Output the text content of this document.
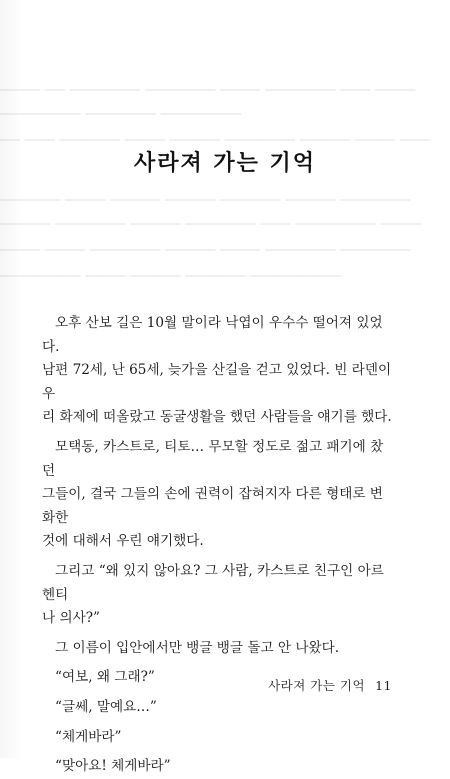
▁▁▁▁ ▁▁ ▁▁▁▁▁▁▁ ▁▁▁▁▁▁▁ ▁▁▁▁ ▁▁▁▁▁▁▁ ▁▁▁ ▁▁▁▁
▁▁▁▁▁▁▁▁ ▁▁▁▁▁▁▁ ▁▁▁▁▁▁▁▁
▁▁ ▁▁▁ ▁▁▁▁▁▁ ▁▁▁▁ ▁▁▁▁▁ ▁▁▁▁▁▁▁ ▁▁▁▁▁ ▁▁▁▁ ▁▁▁
▁▁▁▁▁▁ ▁▁▁▁ ▁▁▁▁▁ ▁▁▁▁▁ ▁▁▁▁▁▁ ▁▁▁▁▁ ▁▁▁▁▁▁▁
▁▁▁▁▁ ▁▁▁▁▁▁▁ ▁▁▁▁▁ ▁▁▁▁▁▁▁ ▁▁▁ ▁▁▁▁▁▁▁▁ ▁▁▁▁
▁▁▁▁ ▁▁▁▁ ▁▁▁▁▁▁▁ ▁▁▁▁▁ ▁▁▁▁ ▁▁▁▁▁▁▁ ▁▁▁▁▁▁▁
▁▁▁▁▁▁▁▁ ▁▁▁▁ ▁▁▁▁▁ ▁▁▁▁▁▁ ▁▁▁▁▁▁▁▁▁
사라져 가는 기억

오후 산보 길은 10월 말이라 낙엽이 우수수 떨어져 있었다.
남편 72세, 난 65세, 늦가을 산길을 걷고 있었다. 빈 라덴이 우
리 화제에 떠올랐고 동굴생활을 했던 사람들을 얘기를 했다.

모택동, 카스트로, 티토… 무모할 정도로 젊고 패기에 찼던
그들이, 결국 그들의 손에 권력이 잡혀지자 다른 형태로 변화한
것에 대해서 우린 얘기했다.

그리고 “왜 있지 않아요? 그 사람, 카스트로 친구인 아르헨티
나 의사?”

그 이름이 입안에서만 뱅글 뱅글 돌고 안 나왔다.

“여보, 왜 그래?”

“글쎄, 말예요…”

“체게바라”

“맞아요! 체게바라”

사라져 가는 기억 11
